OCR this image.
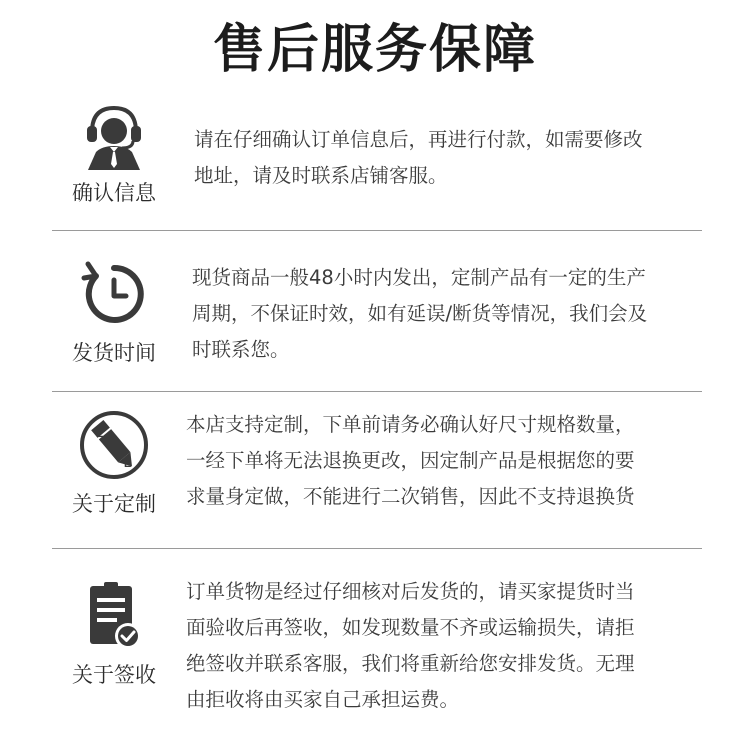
售后服务保障
确认信息
请在仔细确认订单信息后，再进行付款，如需要修改
地址，请及时联系店铺客服。
发货时间
现货商品一般48小时内发出，定制产品有一定的生产
周期，不保证时效，如有延误/断货等情况，我们会及
时联系您。
E
E
关于定制
本店支持定制，下单前请务必确认好尺寸规格数量，
一经下单将无法退换更改，因定制产品是根据您的要
求量身定做，不能进行二次销售，因此不支持退换货
关于签收
订单货物是经过仔细核对后发货的，请买家提货时当
面验收后再签收，如发现数量不齐或运输损失，请拒
绝签收并联系客服，我们将重新给您安排发货。无理
由拒收将由买家自己承担运费。
